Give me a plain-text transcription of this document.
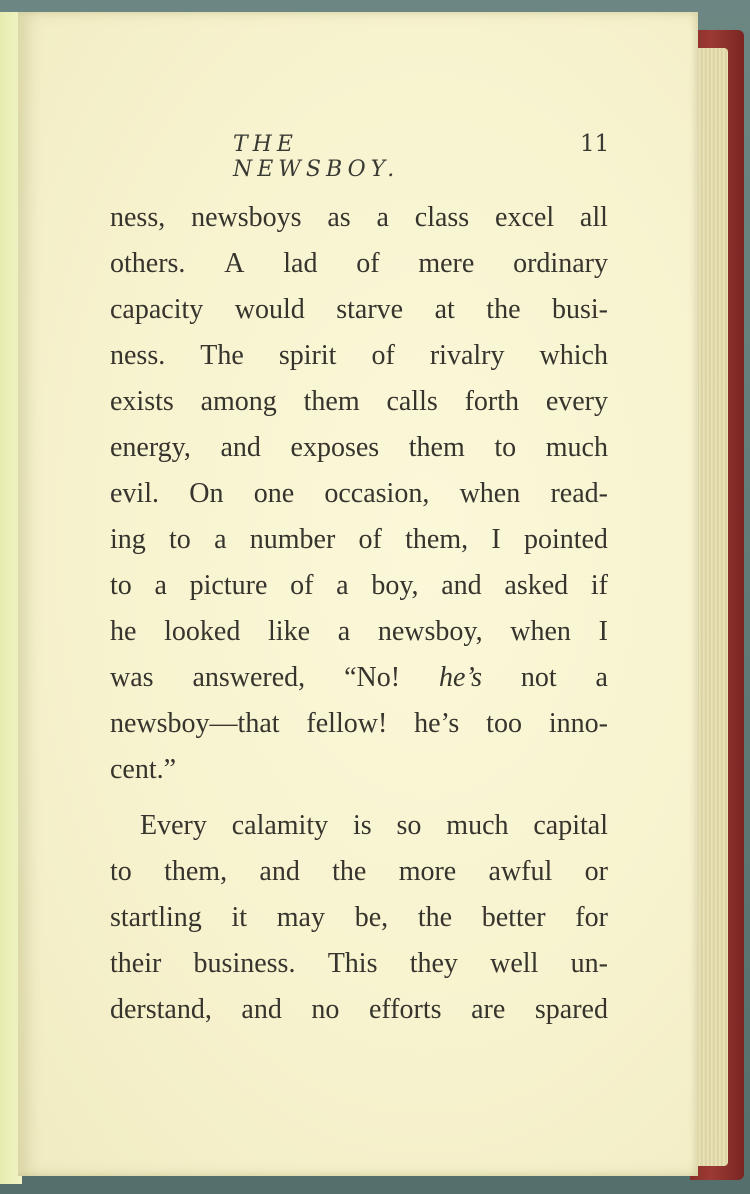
THE NEWSBOY.
11
ness, newsboys as a class excel all
others. A lad of mere ordinary
capacity would starve at the busi-
ness. The spirit of rivalry which
exists among them calls forth every
energy, and exposes them to much
evil. On one occasion, when read-
ing to a number of them, I pointed
to a picture of a boy, and asked if
he looked like a newsboy, when I
was answered, “No! he’s not a
newsboy—that fellow! he’s too inno-
cent.”
Every calamity is so much capital
to them, and the more awful or
startling it may be, the better for
their business. This they well un-
derstand, and no efforts are spared
